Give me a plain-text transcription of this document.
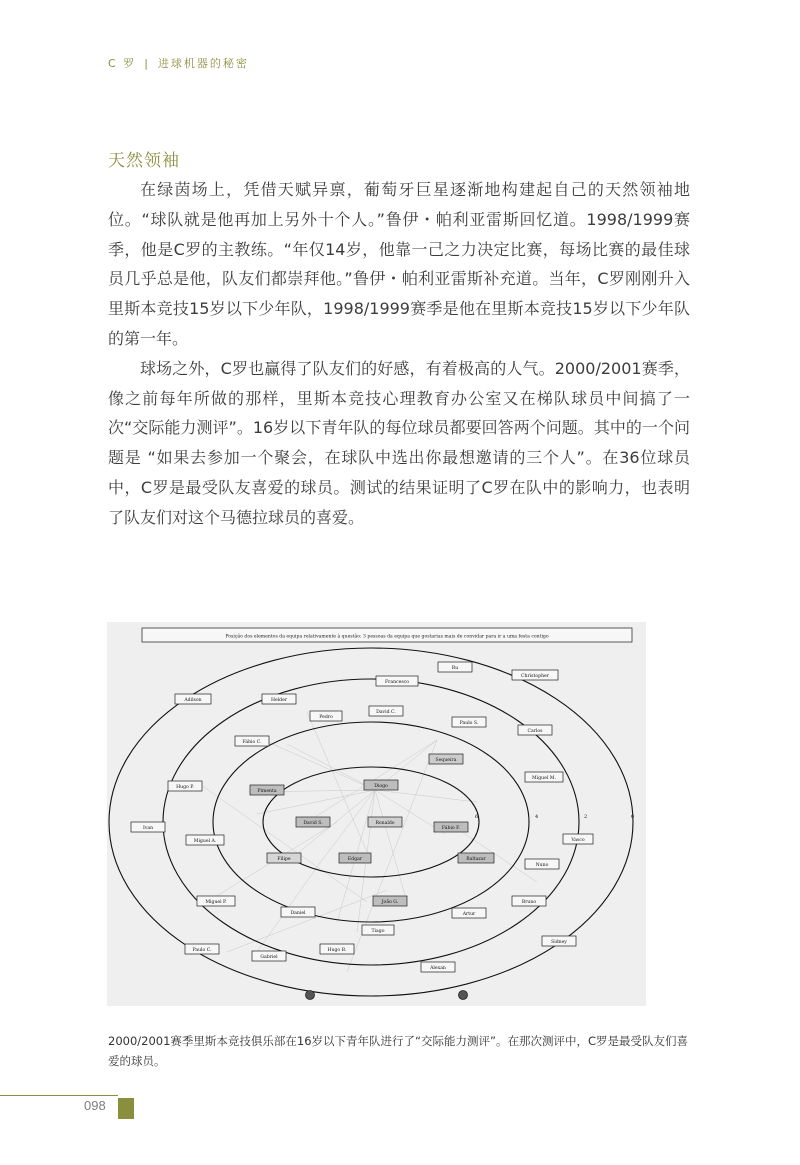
C 罗 | 进球机器的秘密
天然领袖

在绿茵场上，凭借天赋异禀，葡萄牙巨星逐渐地构建起自己的天然领袖地位。“球队就是他再加上另外十个人。”鲁伊・帕利亚雷斯回忆道。1998/1999赛季，他是C罗的主教练。“年仅14岁，他靠一己之力决定比赛，每场比赛的最佳球员几乎总是他，队友们都崇拜他。”鲁伊・帕利亚雷斯补充道。当年，C罗刚刚升入里斯本竞技15岁以下少年队，1998/1999赛季是他在里斯本竞技15岁以下少年队的第一年。

球场之外，C罗也赢得了队友们的好感，有着极高的人气。2000/2001赛季，像之前每年所做的那样，里斯本竞技心理教育办公室又在梯队球员中间搞了一次“交际能力测评”。16岁以下青年队的每位球员都要回答两个问题。其中的一个问题是 “如果去参加一个聚会，在球队中选出你最想邀请的三个人”。在36位球员中，C罗是最受队友喜爱的球员。测试的结果证明了C罗在队中的影响力，也表明了队友们对这个马德拉球员的喜爱。

Posição dos elementos da equipa relativamente à questão: 3 pessoas da equipa que gostarias mais de convidar para ir a uma festa contigo
6	4	2	0
Ru
Christopher
Francesco
Adilson	Helder
David C.
Pedro
Paulo S.
Carlos
Fábio C.
Sequeira
Hugo P.
Pimenta
Diogo
Miguel M.
Ivan
David S.	Ronaldo
Fábio F.
Vasco
Miguel A.
Filipe	Edgar	Baltazar
Nuno
Miguel P.	João G.	Bruno
Daniel	Artur
Tiago
Sidney
Paulo C.
Gabriel
Hugo B.
Alexan
2000/2001赛季里斯本竞技俱乐部在16岁以下青年队进行了“交际能力测评”。在那次测评中，C罗是最受队友们喜爱的球员。
098
